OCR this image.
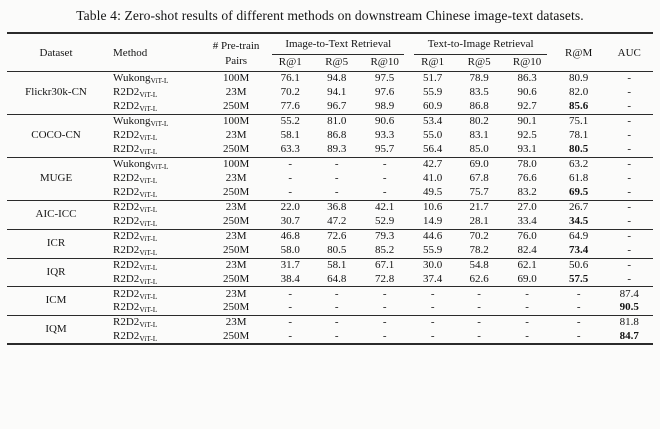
Table 4: Zero-shot results of different methods on downstream Chinese image-text datasets.
Dataset	Method	# Pre-train Pairs	Image-to-Text Retrieval			Text-to-Image Retrieval			R@M	AUC
			R@1	R@5	R@10	R@1	R@5	R@10		
Flickr30k-CN	Wukong$_{ViT-L}$	100M	76.1	94.8	97.5	51.7	78.9	86.3	80.9	-
	$R2D2_{ViT-L}$	23M	70.2	94.1	97.6	55.9	83.5	90.6	82.0	-
	$R2D2_{ViT-L}$	250M	77.6	96.7	98.9	60.9	86.8	92.7	85.6	-
COCO-CN	Wukong$_{ViT-L}$	100M	55.2	81.0	90.6	53.4	80.2	90.1	75.1	-
	$R2D2_{ViT-L}$	23M	58.1	86.8	93.3	55.0	83.1	92.5	78.1	-
	$R2D2_{ViT-L}$	250M	63.3	89.3	95.7	56.4	85.0	93.1	80.5	-
MUGE	Wukong$_{ViT-L}$	100M	-	-	-	42.7	69.0	78.0	63.2	-
	$R2D2_{ViT-L}$	23M	-	-	-	41.0	67.8	76.6	61.8	-
	$R2D2_{ViT-L}$	250M	-	-	-	49.5	75.7	83.2	69.5	-
AIC-ICC	$R2D2_{ViT-L}$	23M	22.0	36.8	42.1	10.6	21.7	27.0	26.7	-
	$R2D2_{ViT-L}$	250M	30.7	47.2	52.9	14.9	28.1	33.4	34.5	-
ICR	$R2D2_{ViT-L}$	23M	46.8	72.6	79.3	44.6	70.2	76.0	64.9	-
	$R2D2_{ViT-L}$	250M	58.0	80.5	85.2	55.9	78.2	82.4	73.4	-
IQR	$R2D2_{ViT-L}$	23M	31.7	58.1	67.1	30.0	54.8	62.1	50.6	-
	$R2D2_{ViT-L}$	250M	38.4	64.8	72.8	37.4	62.6	69.0	57.5	-
ICM	$R2D2_{ViT-L}$	23M	-	-	-	-	-	-	-	87.4
	$R2D2_{ViT-L}$	250M	-	-	-	-	-	-	-	90.5
IQM	$R2D2_{ViT-L}$	23M	-	-	-	-	-	-	-	81.8
	$R2D2_{ViT-L}$	250M	-	-	-	-	-	-	-	84.7
